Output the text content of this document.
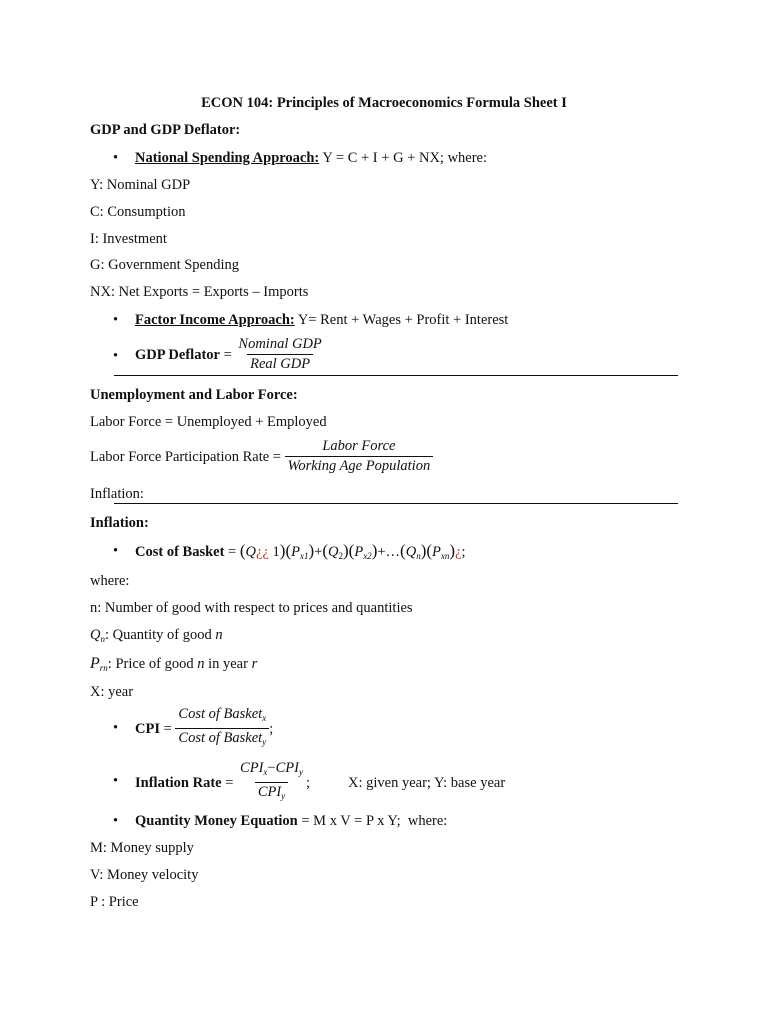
ECON 104: Principles of Macroeconomics Formula Sheet I
GDP and GDP Deflator:
• National Spending Approach: Y = C + I + G + NX; where:
Y: Nominal GDP
C: Consumption
I: Investment
G: Government Spending
NX: Net Exports = Exports – Imports
• Factor Income Approach: Y= Rent + Wages + Profit + Interest
• GDP Deflator = $\frac{\text{Nominal GDP}}{\text{Real GDP}}$
Unemployment and Labor Force:
Labor Force = Unemployed + Employed
Labor Force Participation Rate = $\frac{\text{Labor Force}}{\text{Working Age Population}}$
Inflation:
Inflation:
• Cost of Basket = (Q¿¿ $1)(P_{x1})+(Q_2)(P_{x2})+\dots(Q_n)(P_{xn})¿$;
where:
n: Number of good with respect to prices and quantities
$Q_n$: Quantity of good n
$P_{rn}$: Price of good n in year r
X: year
• CPI = $\frac{Cost of Basket_x}{Cost of Basket_y}$ ;
• Inflation Rate = $\frac{CPI_x-CPI_y}{CPI_y}$ ;	X: given year; Y: base year
• Quantity Money Equation = M x V = P x Y;  where:
M: Money supply
V: Money velocity
P : Price
